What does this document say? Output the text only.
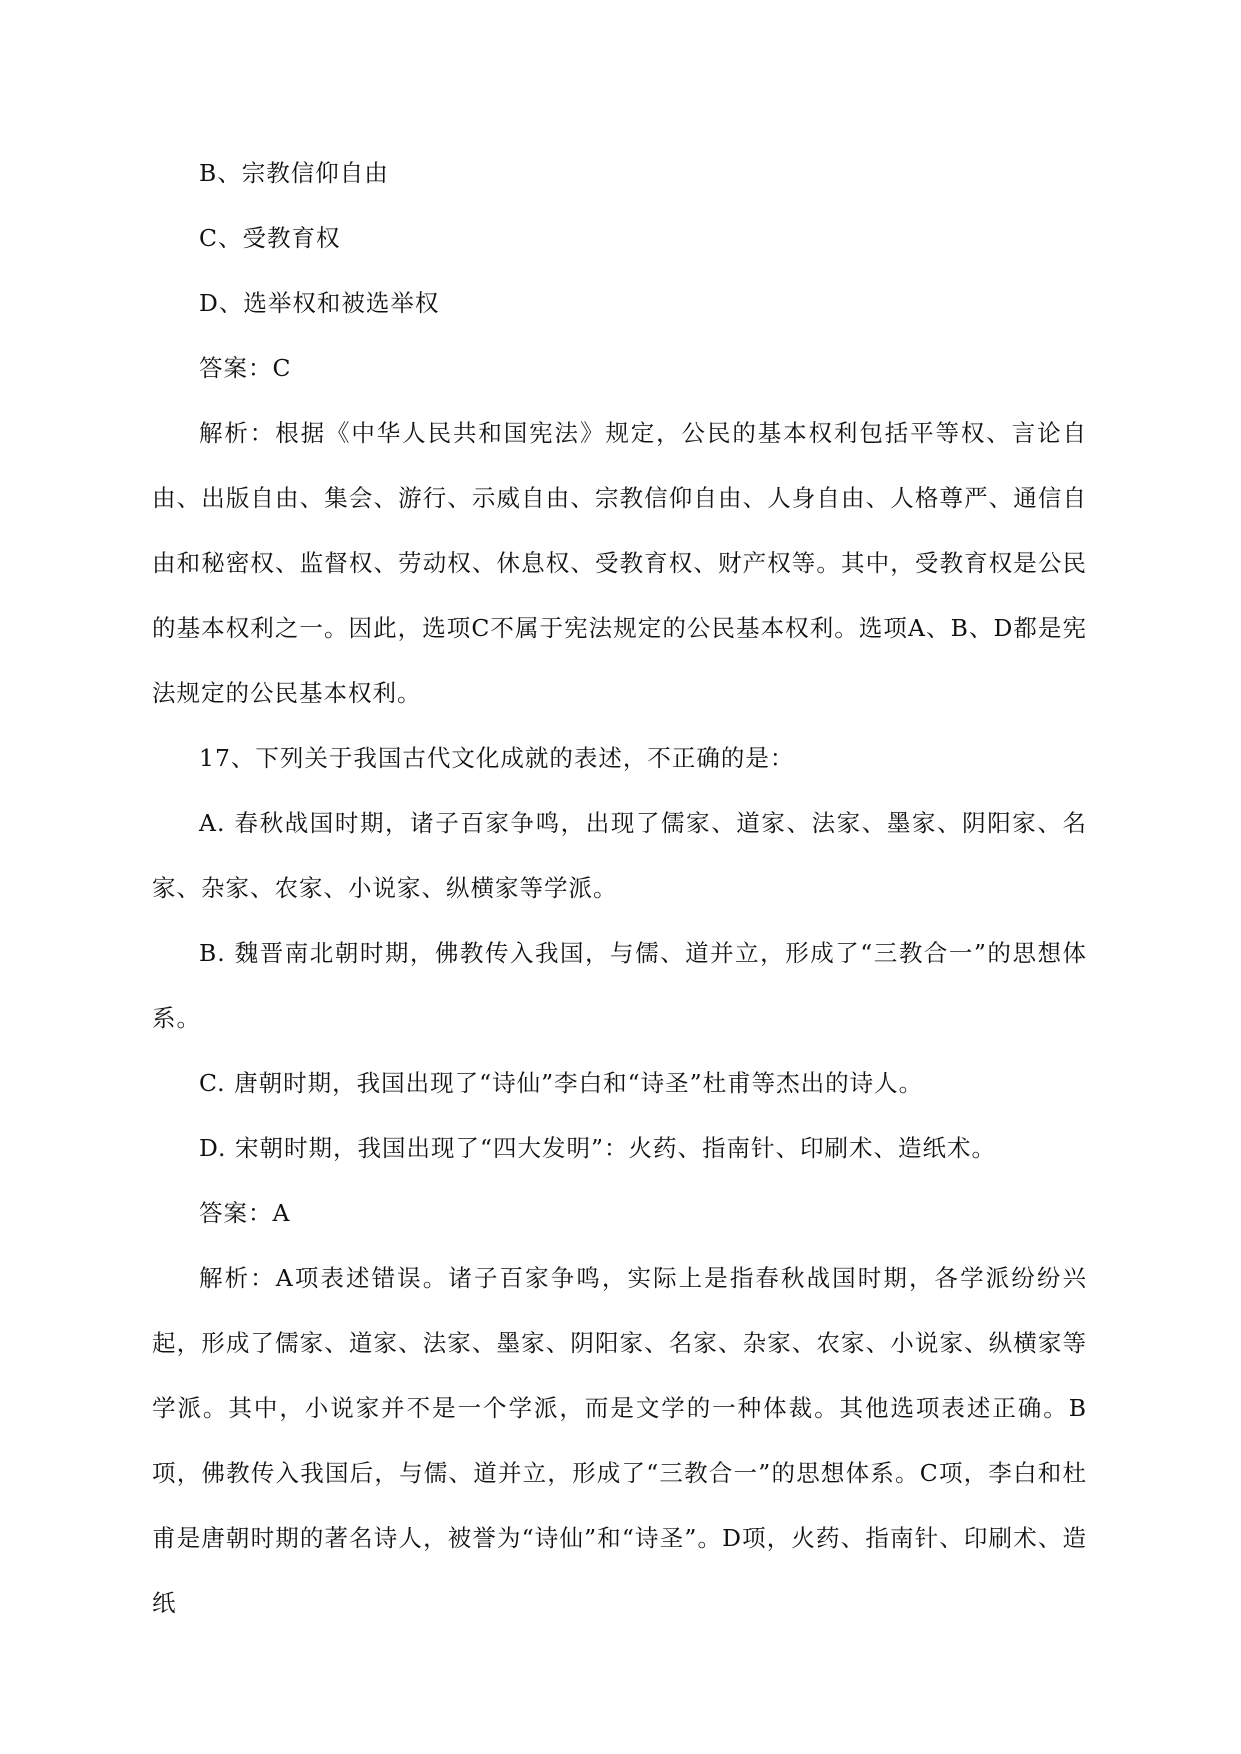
B、宗教信仰自由

C、受教育权

D、选举权和被选举权

答案：C

解析：根据《中华人民共和国宪法》规定，公民的基本权利包括平等权、言论自由、出版自由、集会、游行、示威自由、宗教信仰自由、人身自由、人格尊严、通信自由和秘密权、监督权、劳动权、休息权、受教育权、财产权等。其中，受教育权是公民的基本权利之一。因此，选项C不属于宪法规定的公民基本权利。选项A、B、D都是宪法规定的公民基本权利。

17、下列关于我国古代文化成就的表述，不正确的是：

A. 春秋战国时期，诸子百家争鸣，出现了儒家、道家、法家、墨家、阴阳家、名家、杂家、农家、小说家、纵横家等学派。

B. 魏晋南北朝时期，佛教传入我国，与儒、道并立，形成了“三教合一”的思想体系。

C. 唐朝时期，我国出现了“诗仙”李白和“诗圣”杜甫等杰出的诗人。

D. 宋朝时期，我国出现了“四大发明”：火药、指南针、印刷术、造纸术。

答案：A

解析：A项表述错误。诸子百家争鸣，实际上是指春秋战国时期，各学派纷纷兴起，形成了儒家、道家、法家、墨家、阴阳家、名家、杂家、农家、小说家、纵横家等学派。其中，小说家并不是一个学派，而是文学的一种体裁。其他选项表述正确。B项，佛教传入我国后，与儒、道并立，形成了“三教合一”的思想体系。C项，李白和杜甫是唐朝时期的著名诗人，被誉为“诗仙”和“诗圣”。D项，火药、指南针、印刷术、造纸
